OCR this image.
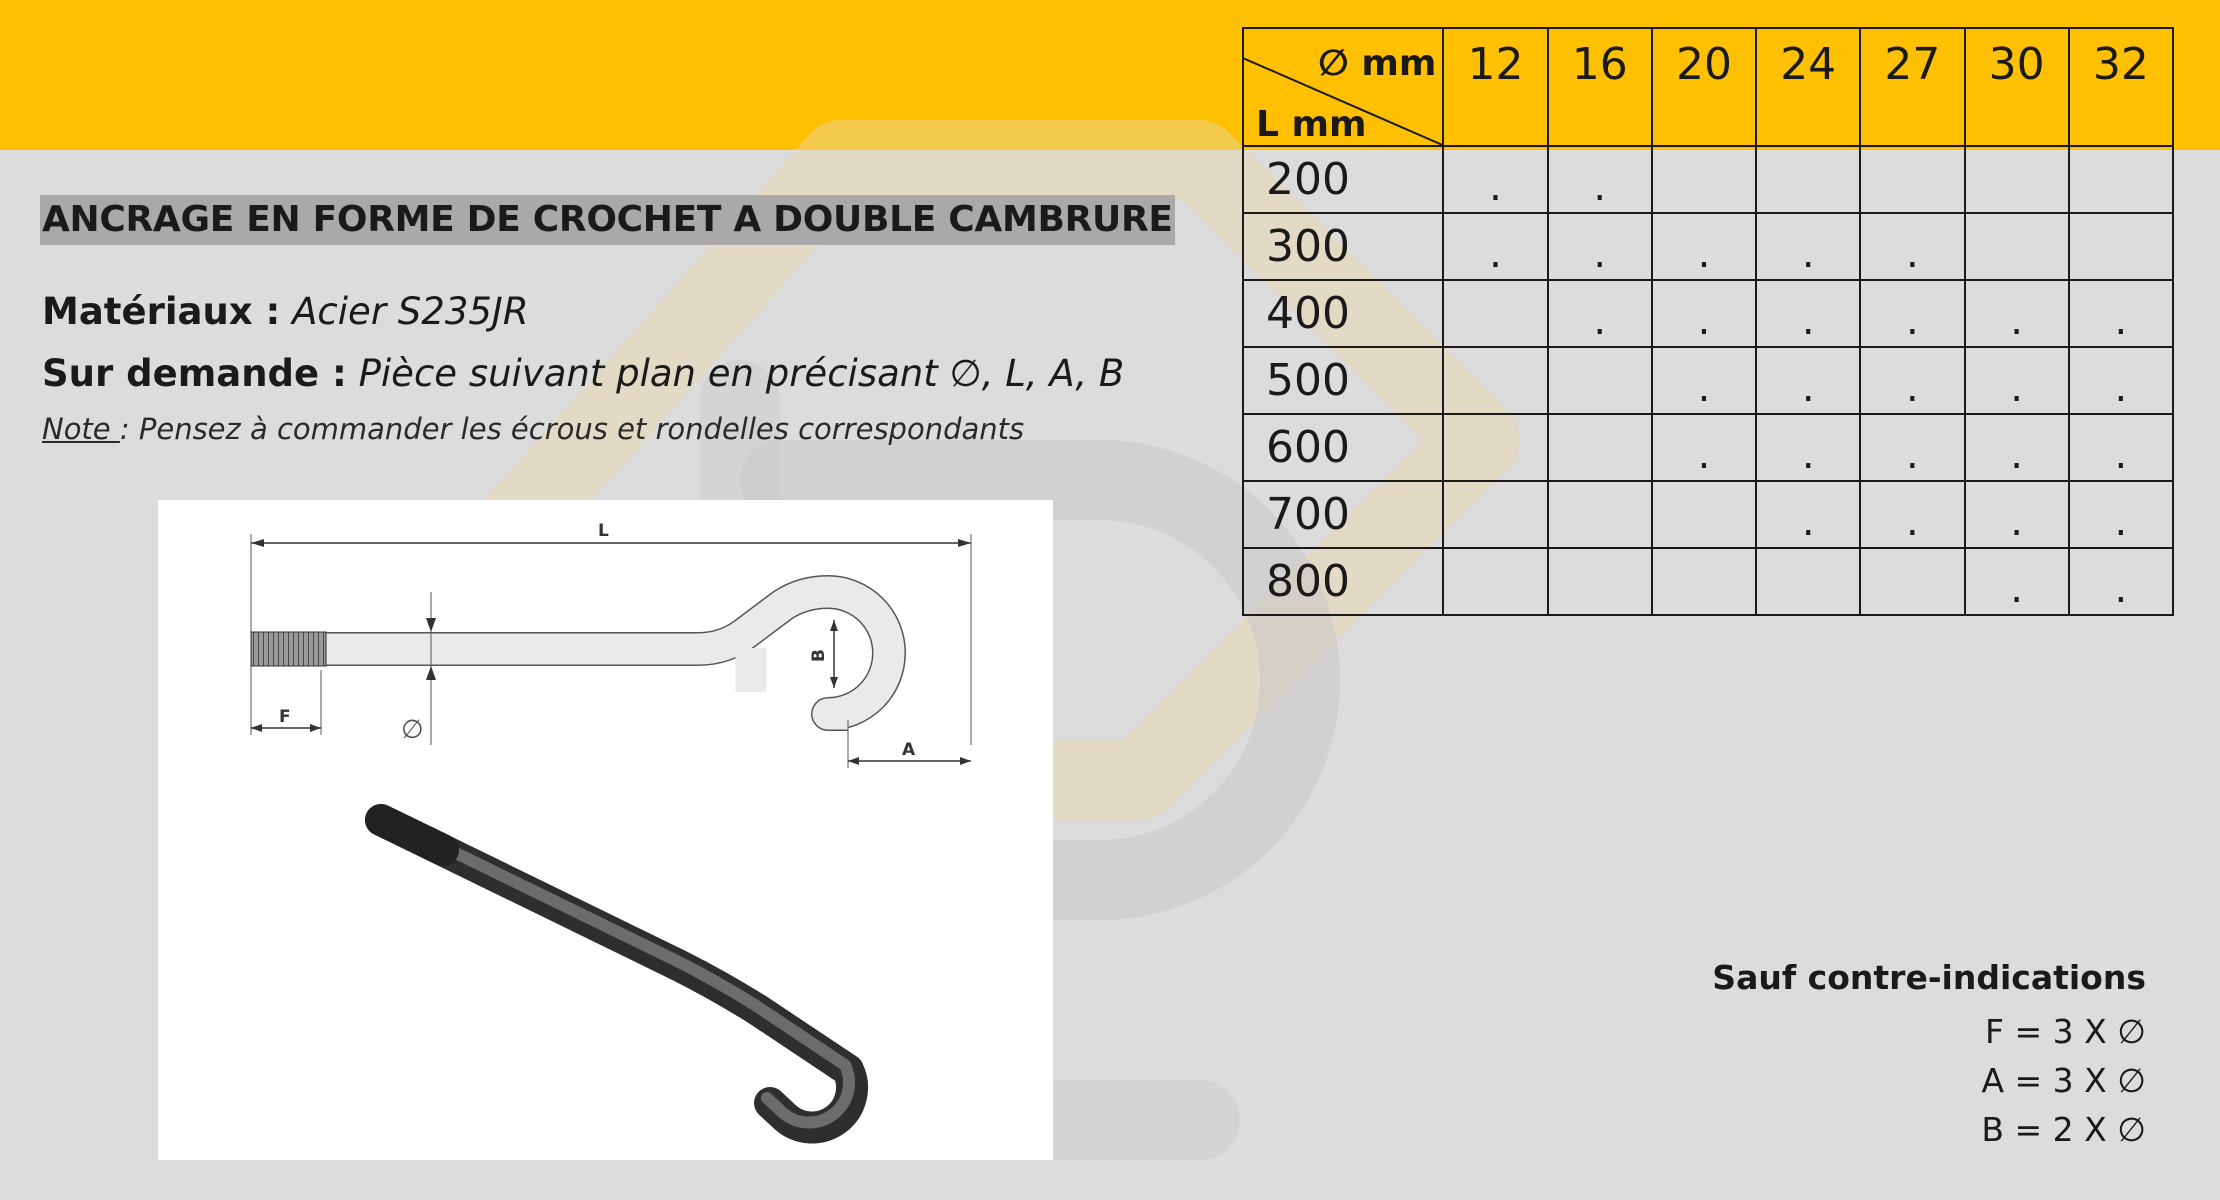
ANCRAGE EN FORME DE CROCHET A DOUBLE CAMBRURE
Matériaux : Acier S235JR
Sur demande : Pièce suivant plan en précisant ∅, L, A, B
Note : Pensez à commander les écrous et rondelles correspondants
L
F	∅
B
A
∅ mm
L mm	12	16	20	24	27	30	32
200	.	.					
300	.	.	.	.	.		
400		.	.	.	.	.	.
500			.	.	.	.	.
600			.	.	.	.	.
700				.	.	.	.
800						.	.
Sauf contre-indications
F = 3 X ∅
A = 3 X ∅
B = 2 X ∅
